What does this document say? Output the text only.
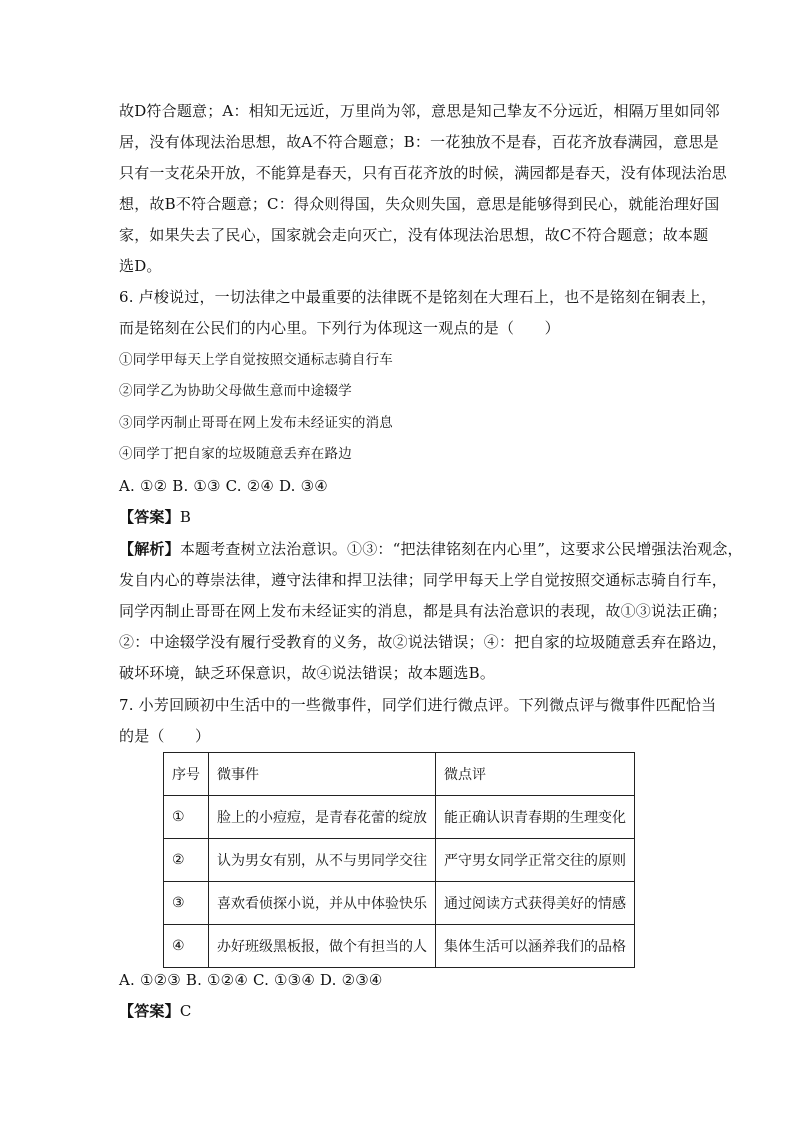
故D符合题意；A：相知无远近，万里尚为邻，意思是知己挚友不分远近，相隔万里如同邻
居，没有体现法治思想，故A不符合题意；B：一花独放不是春，百花齐放春满园，意思是
只有一支花朵开放，不能算是春天，只有百花齐放的时候，满园都是春天，没有体现法治思
想，故B不符合题意；C：得众则得国，失众则失国，意思是能够得到民心，就能治理好国
家，如果失去了民心，国家就会走向灭亡，没有体现法治思想，故C不符合题意；故本题
选D。
6. 卢梭说过，一切法律之中最重要的法律既不是铭刻在大理石上，也不是铭刻在铜表上，
而是铭刻在公民们的内心里。下列行为体现这一观点的是（　　）
①同学甲每天上学自觉按照交通标志骑自行车
②同学乙为协助父母做生意而中途辍学
③同学丙制止哥哥在网上发布未经证实的消息
④同学丁把自家的垃圾随意丢弃在路边
A. ①② B. ①③ C. ②④ D. ③④
【答案】B
【解析】本题考查树立法治意识。①③：“把法律铭刻在内心里”，这要求公民增强法治观念，
发自内心的尊崇法律，遵守法律和捍卫法律；同学甲每天上学自觉按照交通标志骑自行车，
同学丙制止哥哥在网上发布未经证实的消息，都是具有法治意识的表现，故①③说法正确；
②：中途辍学没有履行受教育的义务，故②说法错误；④：把自家的垃圾随意丢弃在路边，
破坏环境，缺乏环保意识，故④说法错误；故本题选B。
7. 小芳回顾初中生活中的一些微事件，同学们进行微点评。下列微点评与微事件匹配恰当
的是（　　）
序号	微事件	微点评
①	脸上的小痘痘，是青春花蕾的绽放	能正确认识青春期的生理变化
②	认为男女有别，从不与男同学交往	严守男女同学正常交往的原则
③	喜欢看侦探小说，并从中体验快乐	通过阅读方式获得美好的情感
④	办好班级黑板报，做个有担当的人	集体生活可以涵养我们的品格
A. ①②③ B. ①②④ C. ①③④ D. ②③④
【答案】C
